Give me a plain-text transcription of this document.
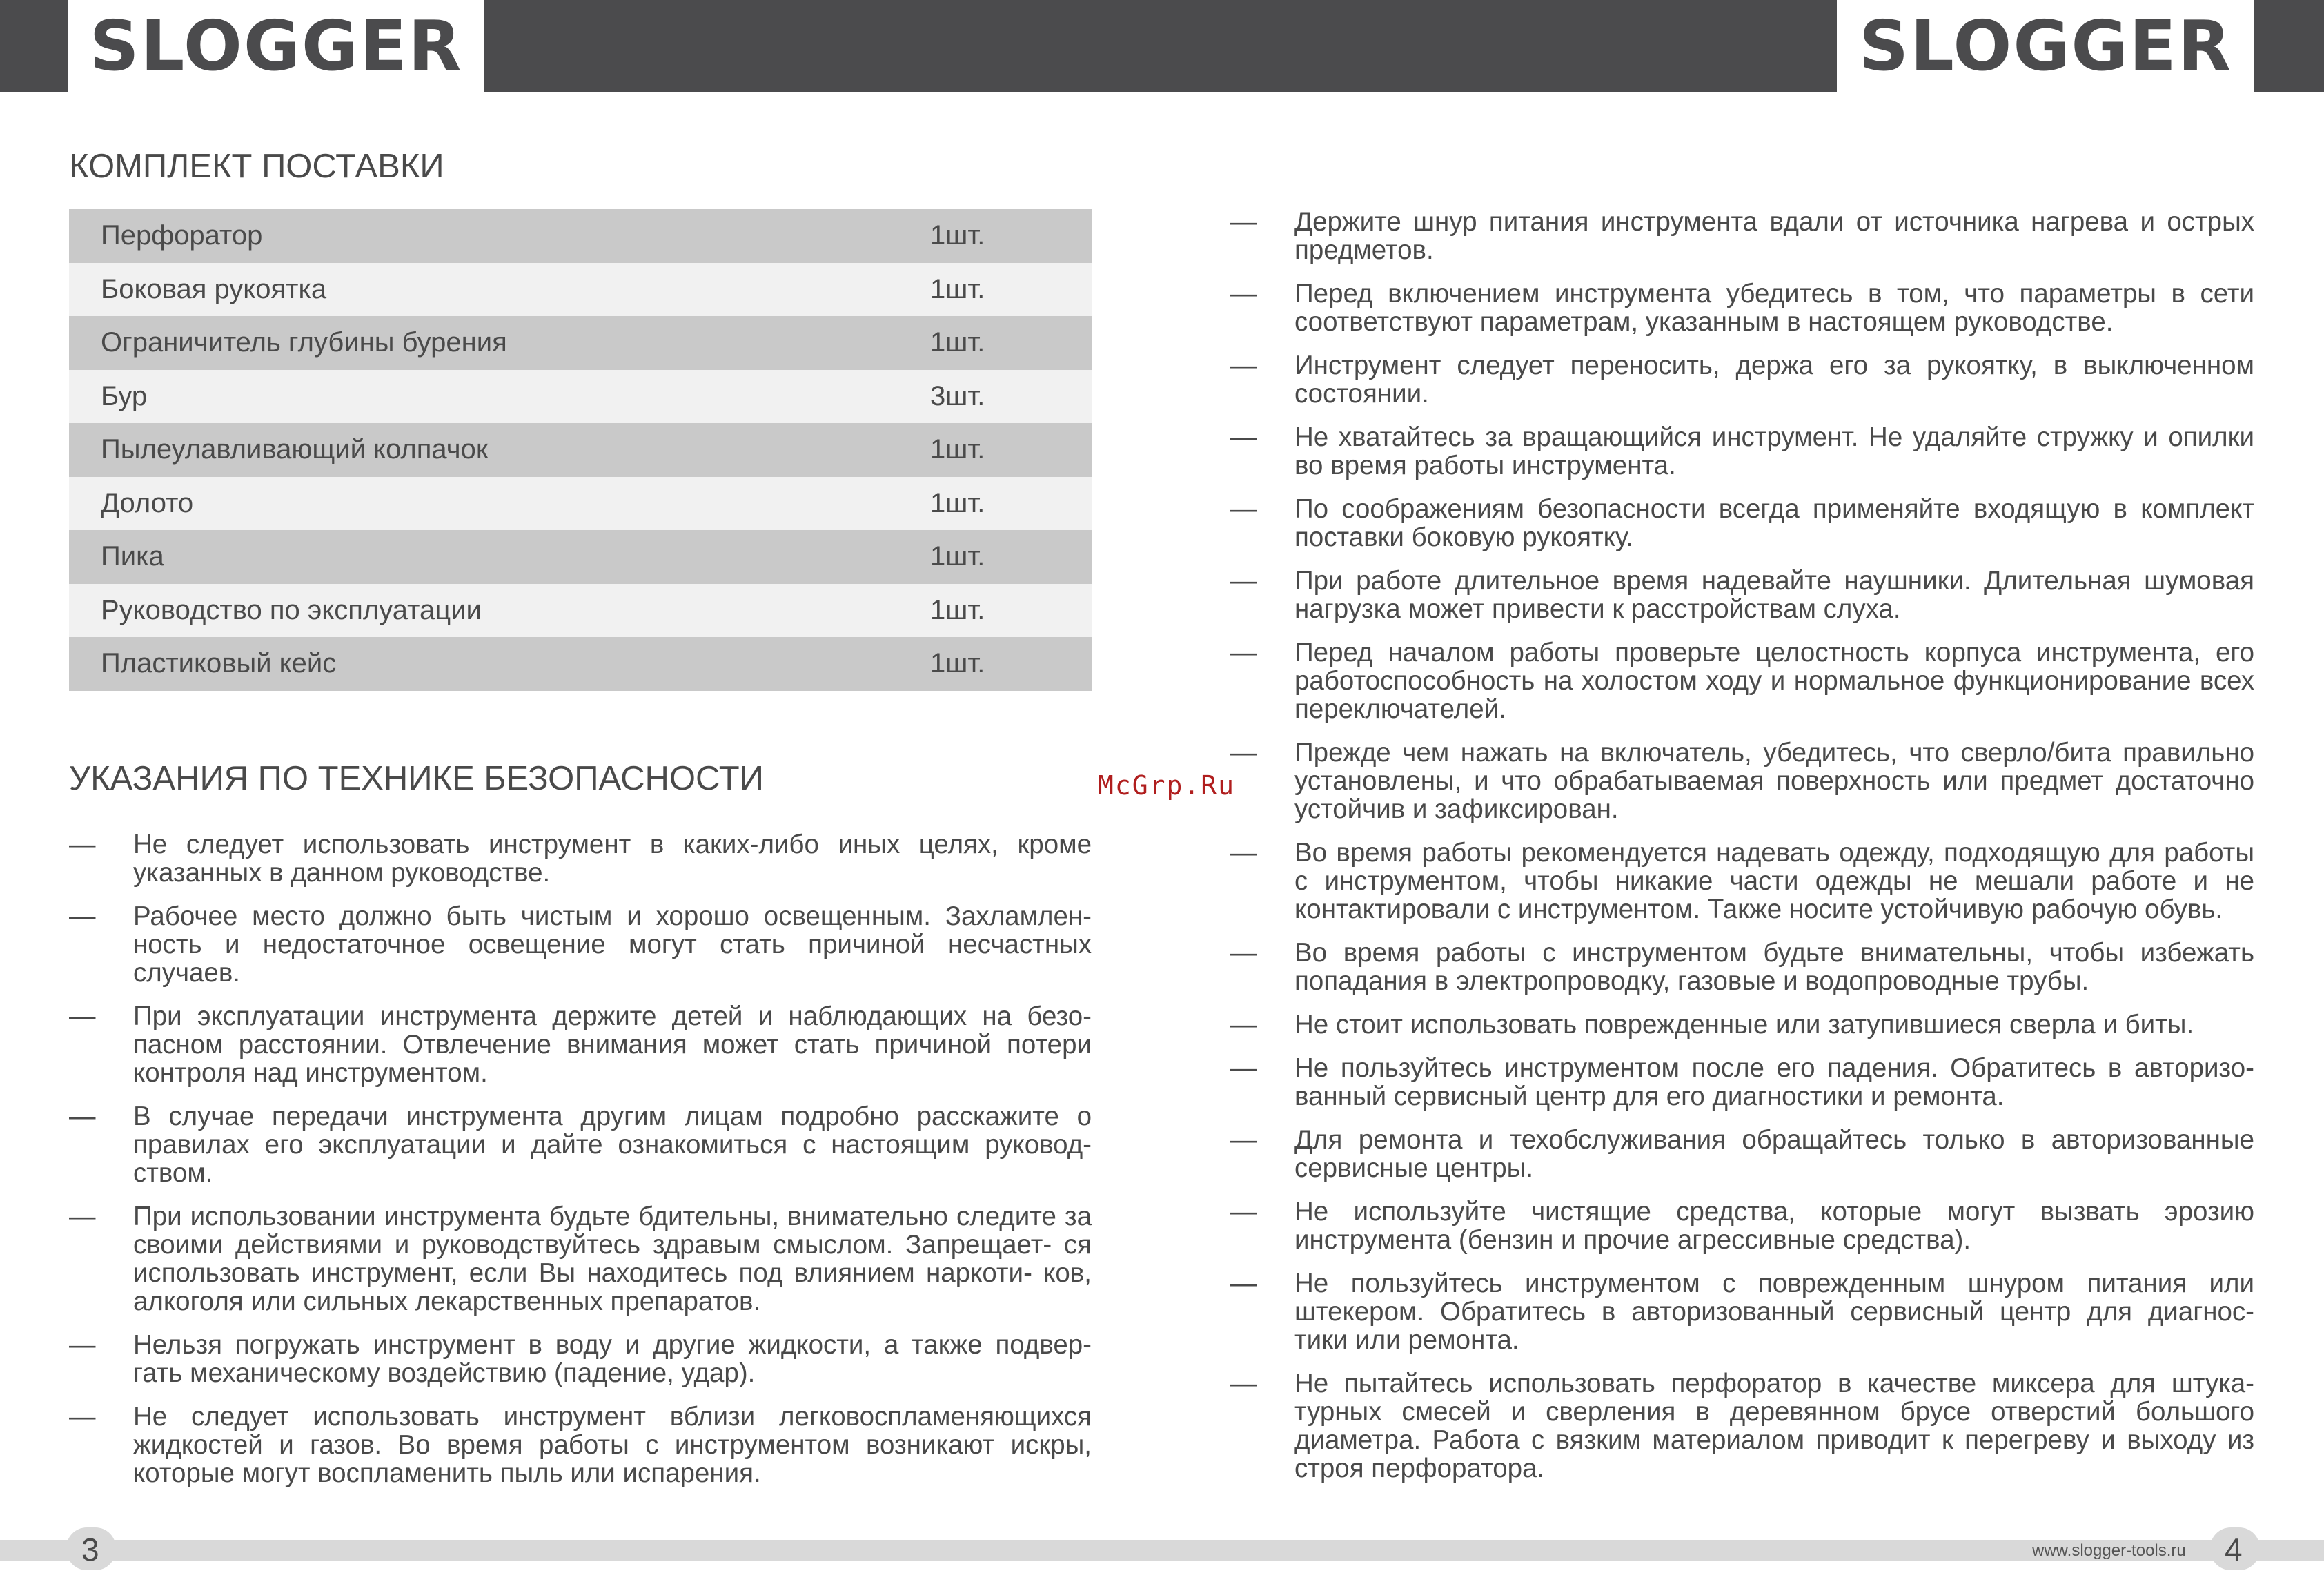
SLOGGER	SLOGGER
КОМПЛЕКТ ПОСТАВКИ
Перфоратор	1шт.
Боковая рукоятка	1шт.
Ограничитель глубины бурения	1шт.
Бур	3шт.
Пылеулавливающий колпачок	1шт.
Долото	1шт.
Пика	1шт.
Руководство по эксплуатации	1шт.
Пластиковый кейс	1шт.
УКАЗАНИЯ ПО ТЕХНИКЕ БЕЗОПАСНОСТИ
— Не следует использовать инструмент в каких-либо иных целях, кроме указанных в данном руководстве.
— Рабочее место должно быть чистым и хорошо освещенным. Захламлен- ность и недостаточное освещение могут стать причиной несчастных случаев.
— При эксплуатации инструмента держите детей и наблюдающих на безо- пасном расстоянии. Отвлечение внимания может стать причиной потери контроля над инструментом.
— В случае передачи инструмента другим лицам подробно расскажите о правилах его эксплуатации и дайте ознакомиться с настоящим руковод- ством.
— При использовании инструмента будьте бдительны, внимательно следите за своими действиями и руководствуйтесь здравым смыслом. Запрещает- ся использовать инструмент, если Вы находитесь под влиянием наркоти- ков, алкоголя или сильных лекарственных препаратов.
— Нельзя погружать инструмент в воду и другие жидкости, а также подвер- гать механическому воздействию (падение, удар).
— Не следует использовать инструмент вблизи легковоспламеняющихся жидкостей и газов. Во время работы с инструментом возникают искры, которые могут воспламенить пыль или испарения.
— Держите шнур питания инструмента вдали от источника нагрева и острых предметов.
— Перед включением инструмента убедитесь в том, что параметры в сети соответствуют параметрам, указанным в настоящем руководстве.
— Инструмент следует переносить, держа его за рукоятку, в выключенном состоянии.
— Не хватайтесь за вращающийся инструмент. Не удаляйте стружку и опилки во время работы инструмента.
— По соображениям безопасности всегда применяйте входящую в комплект поставки боковую рукоятку.
— При работе длительное время надевайте наушники. Длительная шумовая нагрузка может привести к расстройствам слуха.
— Перед началом работы проверьте целостность корпуса инструмента, его работоспособность на холостом ходу и нормальное функционирование всех переключателей.
— Прежде чем нажать на включатель, убедитесь, что сверло/бита правильно установлены, и что обрабатываемая поверхность или предмет достаточно устойчив и зафиксирован.
— Во время работы рекомендуется надевать одежду, подходящую для работы с инструментом, чтобы никакие части одежды не мешали работе и не контактировали с инструментом. Также носите устойчивую рабочую обувь.
— Во время работы с инструментом будьте внимательны, чтобы избежать попадания в электропроводку, газовые и водопроводные трубы.
— Не стоит использовать поврежденные или затупившиеся сверла и биты.
— Не пользуйтесь инструментом после его падения. Обратитесь в авторизо- ванный сервисный центр для его диагностики и ремонта.
— Для ремонта и техобслуживания обращайтесь только в авторизованные сервисные центры.
— Не используйте чистящие средства, которые могут вызвать эрозию инструмента (бензин и прочие агрессивные средства).
— Не пользуйтесь инструментом с поврежденным шнуром питания или штекером. Обратитесь в авторизованный сервисный центр для диагнос- тики или ремонта.
— Не пытайтесь использовать перфоратор в качестве миксера для штука- турных смесей и сверления в деревянном брусе отверстий большого диаметра. Работа с вязким материалом приводит к перегреву и выходу из строя перфоратора.
McGrp.Ru
3	4
www.slogger-tools.ru
